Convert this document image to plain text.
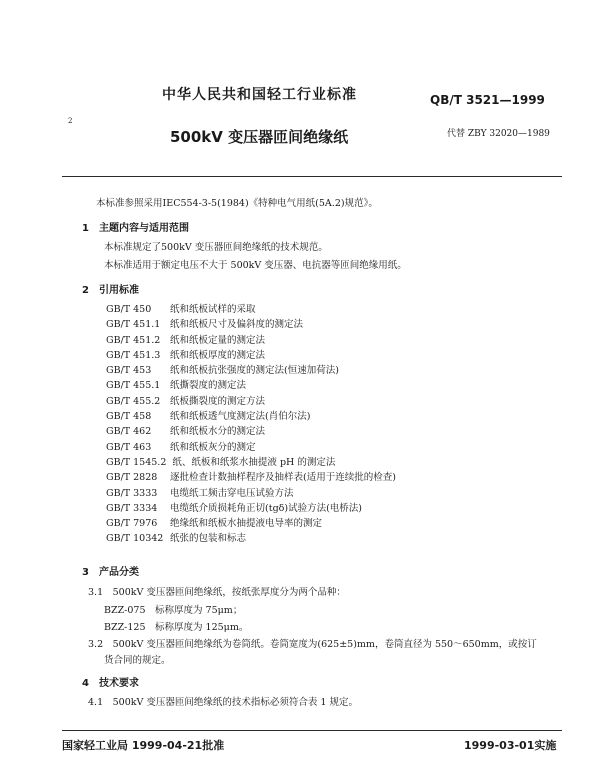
中华人民共和国轻工行业标准	QB/T 3521—1999
2
500kV 变压器匝间绝缘纸	代替 ZBY 32020—1989
本标准参照采用IEC554-3-5(1984)《特种电气用纸(5A.2)规范》。
1　主题内容与适用范围
本标准规定了500kV 变压器匝间绝缘纸的技术规范。
本标准适用于额定电压不大于 500kV 变压器、电抗器等匝间绝缘用纸。
2　引用标准
GB/T 450 纸和纸板试样的采取
GB/T 451.1 纸和纸板尺寸及偏斜度的测定法
GB/T 451.2 纸和纸板定量的测定法
GB/T 451.3 纸和纸板厚度的测定法
GB/T 453 纸和纸板抗张强度的测定法(恒速加荷法)
GB/T 455.1 纸撕裂度的测定法
GB/T 455.2 纸板撕裂度的测定方法
GB/T 458 纸和纸板透气度测定法(肖伯尔法)
GB/T 462 纸和纸板水分的测定法
GB/T 463 纸和纸板灰分的测定
GB/T 1545.2 纸、纸板和纸浆水抽提液 pH 的测定法
GB/T 2828 逐批检查计数抽样程序及抽样表(适用于连续批的检查)
GB/T 3333 电缆纸工频击穿电压试验方法
GB/T 3334 电缆纸介质损耗角正切(tgδ)试验方法(电桥法)
GB/T 7976 绝缘纸和纸板水抽提液电导率的测定
GB/T 10342 纸张的包装和标志
3　产品分类
3.1　500kV 变压器匝间绝缘纸，按纸张厚度分为两个品种：
BZZ-075　标称厚度为 75μm；
BZZ-125　标称厚度为 125μm。
3.2　500kV 变压器匝间绝缘纸为卷筒纸。卷筒宽度为(625±5)mm，卷筒直径为 550～650mm，或按订
货合同的规定。
4　技术要求
4.1　500kV 变压器匝间绝缘纸的技术指标必须符合表 1 规定。
国家轻工业局 1999-04-21批准	1999-03-01实施
